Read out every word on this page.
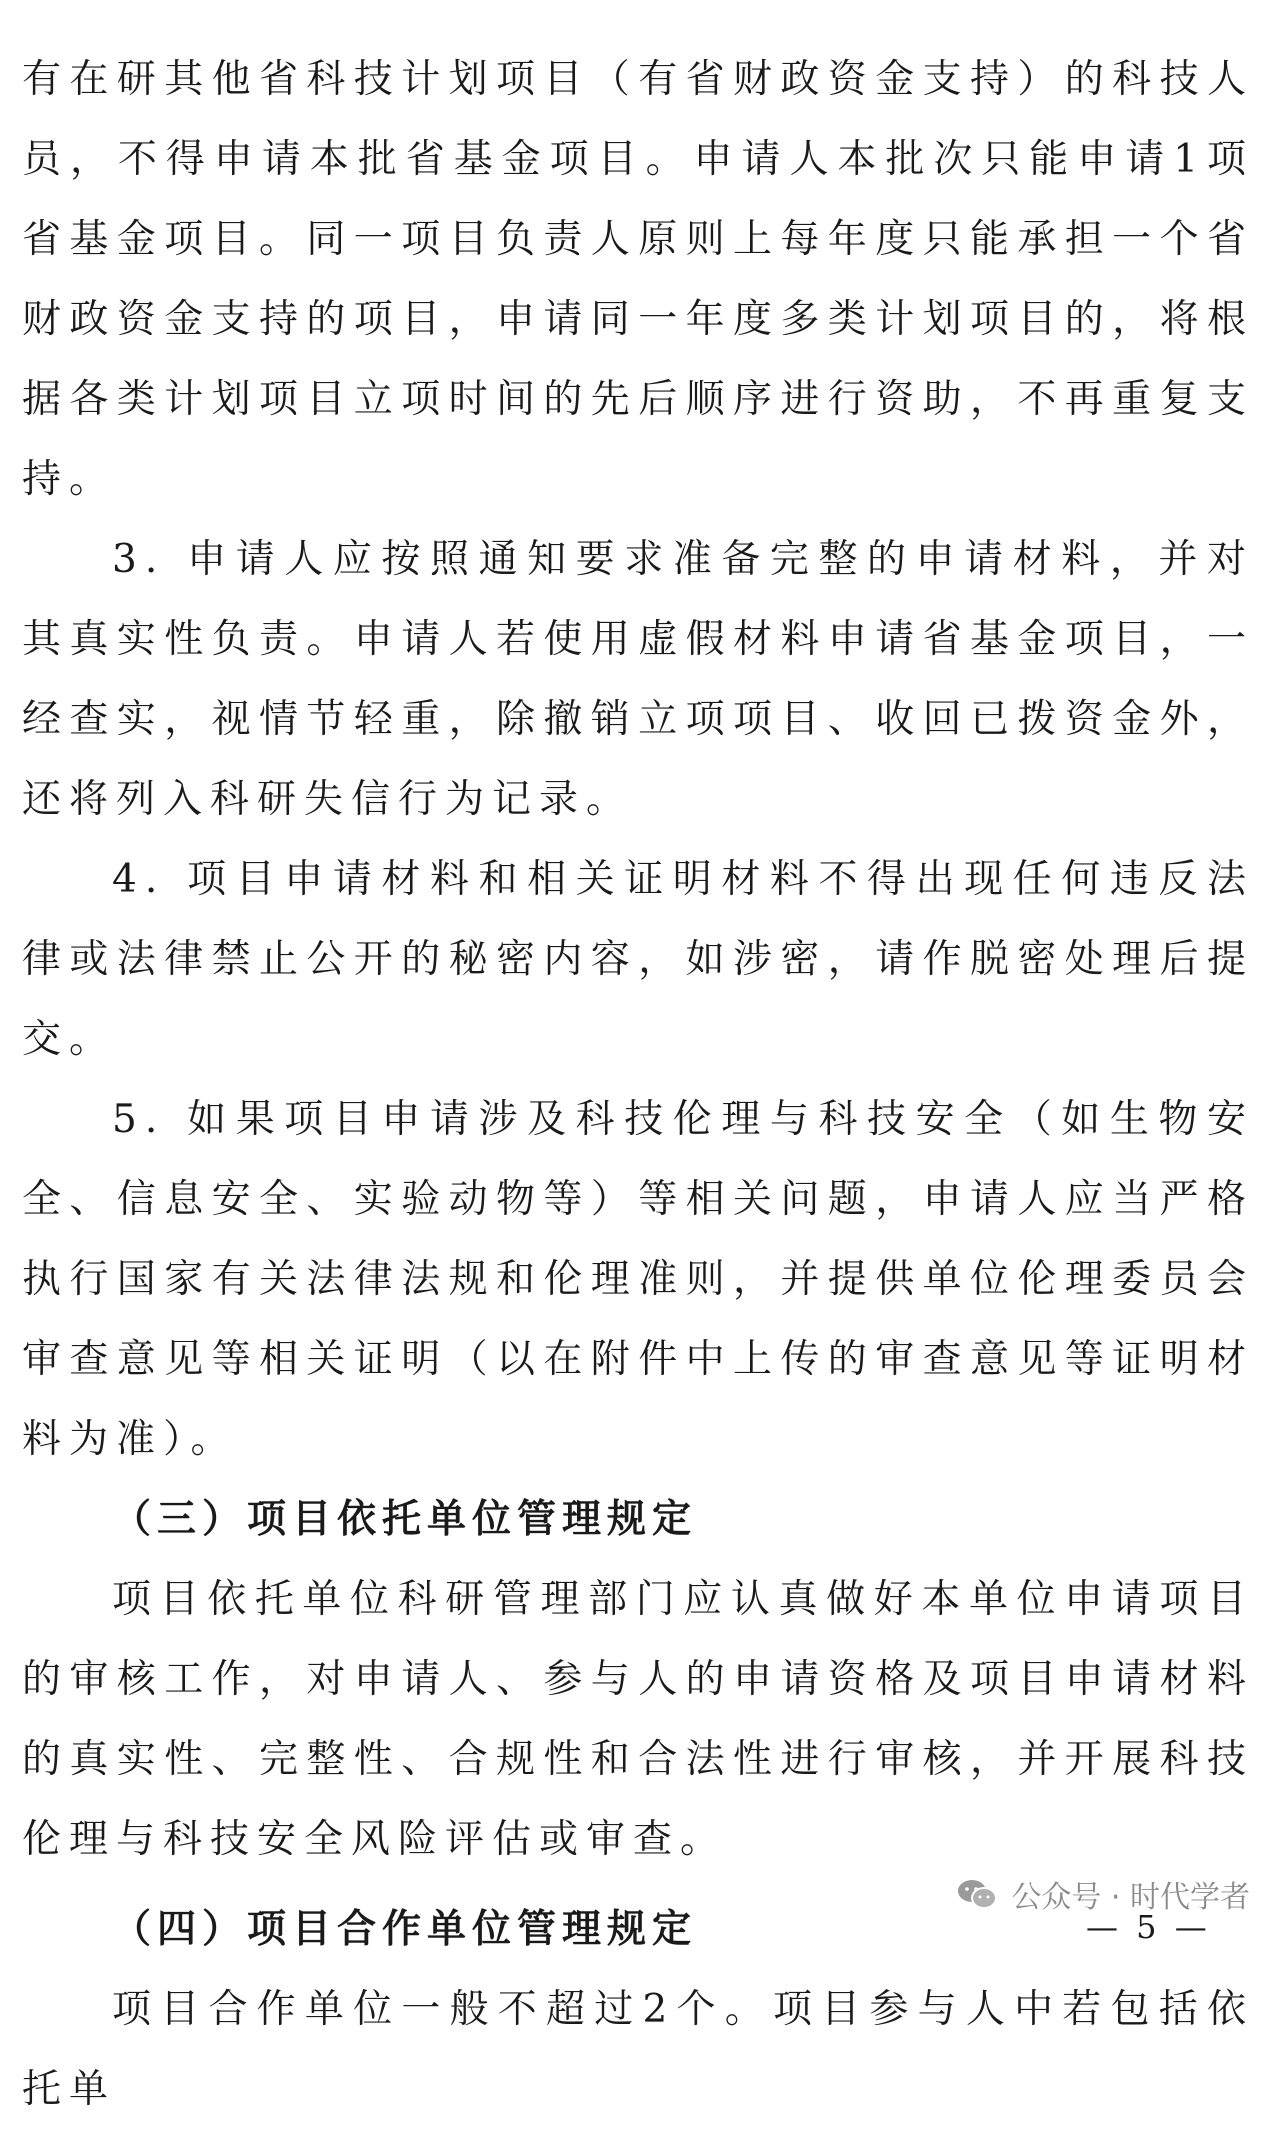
有在研其他省科技计划项目（有省财政资金支持）的科技人员，不得申请本批省基金项目。申请人本批次只能申请1项省基金项目。同一项目负责人原则上每年度只能承担一个省财政资金支持的项目，申请同一年度多类计划项目的，将根据各类计划项目立项时间的先后顺序进行资助，不再重复支持。

3. 申请人应按照通知要求准备完整的申请材料，并对其真实性负责。申请人若使用虚假材料申请省基金项目，一经查实，视情节轻重，除撤销立项项目、收回已拨资金外，还将列入科研失信行为记录。

4. 项目申请材料和相关证明材料不得出现任何违反法律或法律禁止公开的秘密内容，如涉密，请作脱密处理后提交。

5. 如果项目申请涉及科技伦理与科技安全（如生物安全、信息安全、实验动物等）等相关问题，申请人应当严格执行国家有关法律法规和伦理准则，并提供单位伦理委员会审查意见等相关证明（以在附件中上传的审查意见等证明材料为准）。

（三）项目依托单位管理规定

项目依托单位科研管理部门应认真做好本单位申请项目的审核工作，对申请人、参与人的申请资格及项目申请材料的真实性、完整性、合规性和合法性进行审核，并开展科技伦理与科技安全风险评估或审查。

（四）项目合作单位管理规定

项目合作单位一般不超过2个。项目参与人中若包括依托单

公众号 · 时代学者
— 5 —
